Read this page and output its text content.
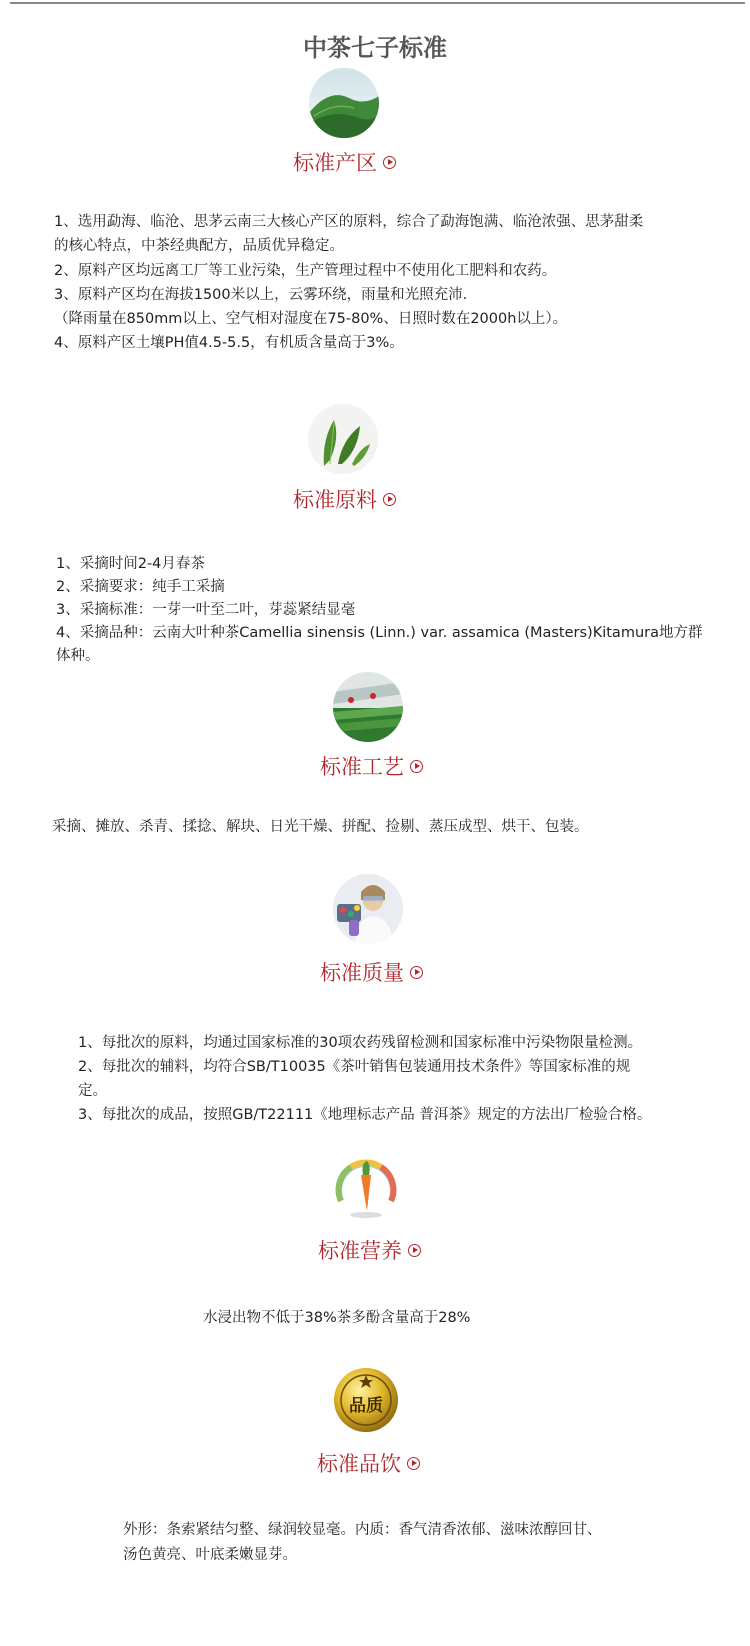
中茶七子标准
标准产区
1、选用勐海、临沧、思茅云南三大核心产区的原料，综合了勐海饱满、临沧浓强、思茅甜柔
的核心特点，中茶经典配方，品质优异稳定。
2、原料产区均远离工厂等工业污染，生产管理过程中不使用化工肥料和农药。
3、原料产区均在海拔1500米以上，云雾环绕，雨量和光照充沛.
（降雨量在850mm以上、空气相对湿度在75-80%、日照时数在2000h以上）。
4、原料产区土壤PH值4.5-5.5，有机质含量高于3%。
标准原料
1、采摘时间2-4月春茶
2、采摘要求：纯手工采摘
3、采摘标准：一芽一叶至二叶，芽蕊紧结显毫
4、采摘品种：云南大叶种茶Camellia sinensis (Linn.) var. assamica (Masters)Kitamura地方群
体种。
标准工艺
采摘、摊放、杀青、揉捻、解块、日光干燥、拼配、捡剔、蒸压成型、烘干、包装。
标准质量
1、每批次的原料，均通过国家标准的30项农药残留检测和国家标准中污染物限量检测。
2、每批次的辅料，均符合SB/T10035《茶叶销售包装通用技术条件》等国家标准的规
定。
3、每批次的成品，按照GB/T22111《地理标志产品 普洱茶》规定的方法出厂检验合格。
标准营养
水浸出物不低于38%茶多酚含量高于28%
品质
标准品饮
外形：条索紧结匀整、绿润较显毫。内质：香气清香浓郁、滋味浓醇回甘、
汤色黄亮、叶底柔嫩显芽。
